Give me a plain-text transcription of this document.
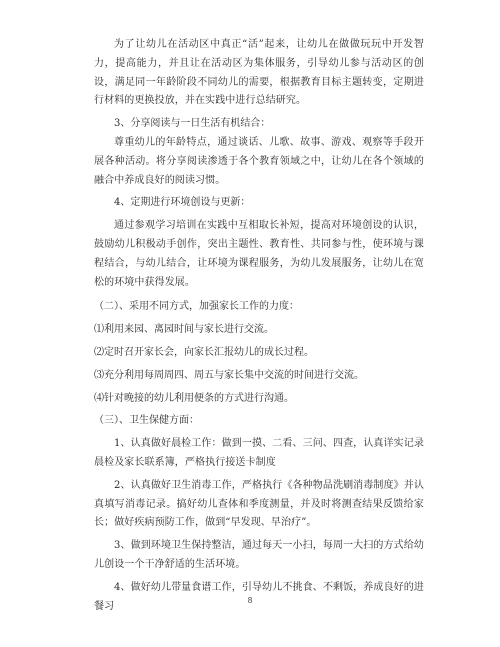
为了让幼儿在活动区中真正“活”起来，让幼儿在做做玩玩中开发智力，提高能力，并且让在活动区为集体服务，引导幼儿参与活动区的创设，满足同一年龄阶段不同幼儿的需要，根据教育目标主题转变，定期进行材料的更换投放，并在实践中进行总结研究。

3、分享阅读与一日生活有机结合：

尊重幼儿的年龄特点，通过谈话、儿歌、故事、游戏、观察等手段开展各种活动。将分享阅读渗透于各个教育领域之中，让幼儿在各个领域的融合中养成良好的阅读习惯。

4、定期进行环境创设与更新：

通过参观学习培训在实践中互相取长补短，提高对环境创设的认识，鼓励幼儿积极动手创作，突出主题性、教育性、共同参与性，使环境与课程结合，与幼儿结合，让环境为课程服务，为幼儿发展服务，让幼儿在宽松的环境中获得发展。

（二）、采用不同方式，加强家长工作的力度：

⑴利用来园、离园时间与家长进行交流。

⑵定时召开家长会，向家长汇报幼儿的成长过程。

⑶充分利用每周周四、周五与家长集中交流的时间进行交流。

⑷针对晚接的幼儿利用便条的方式进行沟通。

（三）、卫生保健方面：

1、认真做好晨检工作：做到一摸、二看、三问、四查，认真详实记录晨检及家长联系簿，严格执行接送卡制度

2、认真做好卫生消毒工作，严格执行《各种物品洗刷消毒制度》并认真填写消毒记录。搞好幼儿查体和季度测量，并及时将测查结果反馈给家长；做好疾病预防工作，做到“早发现、早治疗”。

3、做到环境卫生保持整洁，通过每天一小扫，每周一大扫的方式给幼儿创设一个干净舒适的生活环境。

4、做好幼儿带量食谱工作，引导幼儿不挑食、不剩饭，养成良好的进餐习

8
